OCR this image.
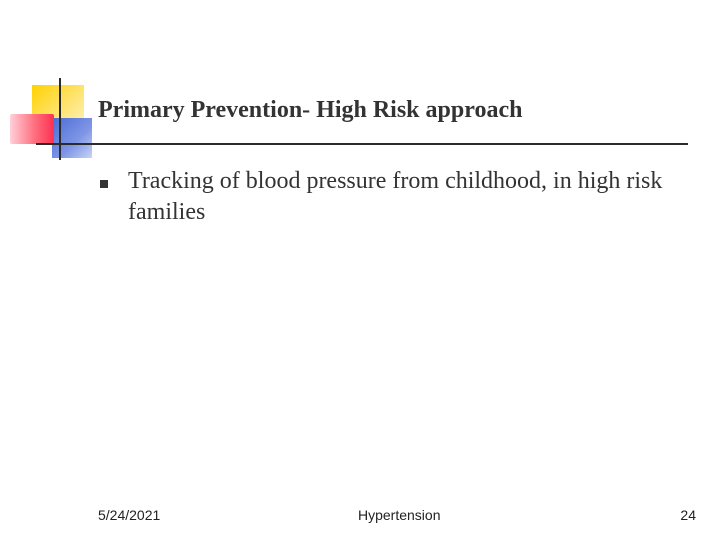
Primary Prevention- High Risk approach
Tracking of blood pressure from childhood, in high risk families
5/24/2021	Hypertension	24
